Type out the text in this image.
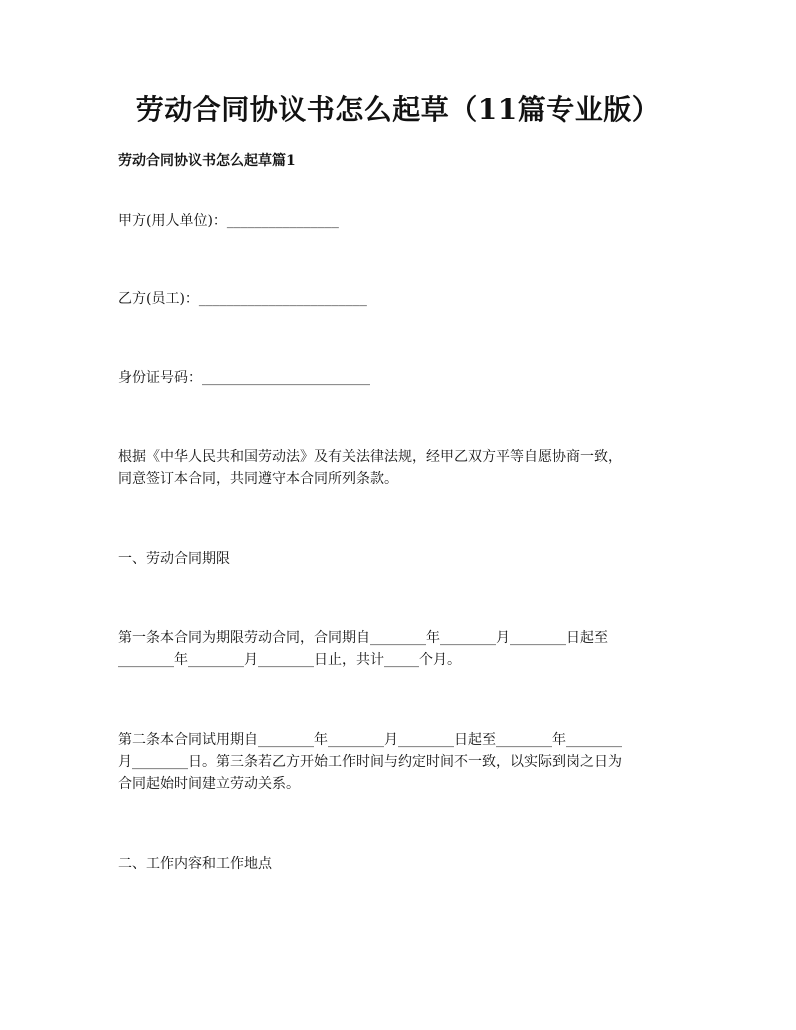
劳动合同协议书怎么起草（11篇专业版）
劳动合同协议书怎么起草篇1
甲方(用人单位)：________________
乙方(员工)：________________________
身份证号码：________________________
根据《中华人民共和国劳动法》及有关法律法规，经甲乙双方平等自愿协商一致，
同意签订本合同，共同遵守本合同所列条款。
一、劳动合同期限
第一条本合同为期限劳动合同，合同期自________年________月________日起至
________年________月________日止，共计_____个月。
第二条本合同试用期自________年________月________日起至________年________
月________日。第三条若乙方开始工作时间与约定时间不一致，以实际到岗之日为
合同起始时间建立劳动关系。
二、工作内容和工作地点
